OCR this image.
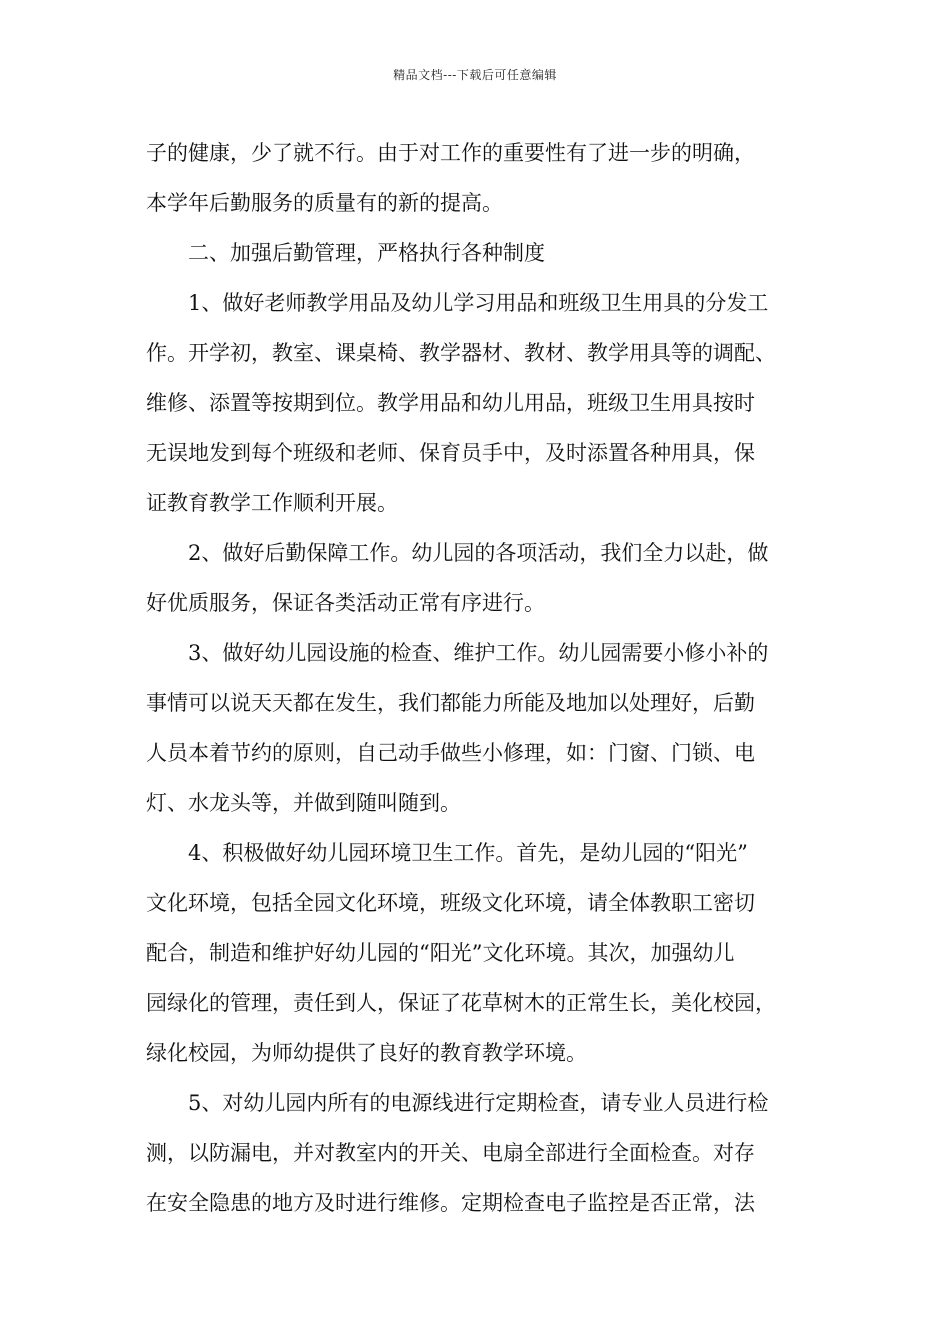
精品文档---下载后可任意编辑
子的健康，少了就不行。由于对工作的重要性有了进一步的明确，
本学年后勤服务的质量有的新的提高。
二、加强后勤管理，严格执行各种制度
1、做好老师教学用品及幼儿学习用品和班级卫生用具的分发工
作。开学初，教室、课桌椅、教学器材、教材、教学用具等的调配、
维修、添置等按期到位。教学用品和幼儿用品，班级卫生用具按时
无误地发到每个班级和老师、保育员手中，及时添置各种用具，保
证教育教学工作顺利开展。
2、做好后勤保障工作。幼儿园的各项活动，我们全力以赴，做
好优质服务，保证各类活动正常有序进行。
3、做好幼儿园设施的检查、维护工作。幼儿园需要小修小补的
事情可以说天天都在发生，我们都能力所能及地加以处理好，后勤
人员本着节约的原则，自己动手做些小修理，如：门窗、门锁、电
灯、水龙头等，并做到随叫随到。
4、积极做好幼儿园环境卫生工作。首先，是幼儿园的“阳光”
文化环境，包括全园文化环境，班级文化环境，请全体教职工密切
配合，制造和维护好幼儿园的“阳光”文化环境。其次，加强幼儿
园绿化的管理，责任到人，保证了花草树木的正常生长，美化校园，
绿化校园，为师幼提供了良好的教育教学环境。
5、对幼儿园内所有的电源线进行定期检查，请专业人员进行检
测，以防漏电，并对教室内的开关、电扇全部进行全面检查。对存
在安全隐患的地方及时进行维修。定期检查电子监控是否正常，法
